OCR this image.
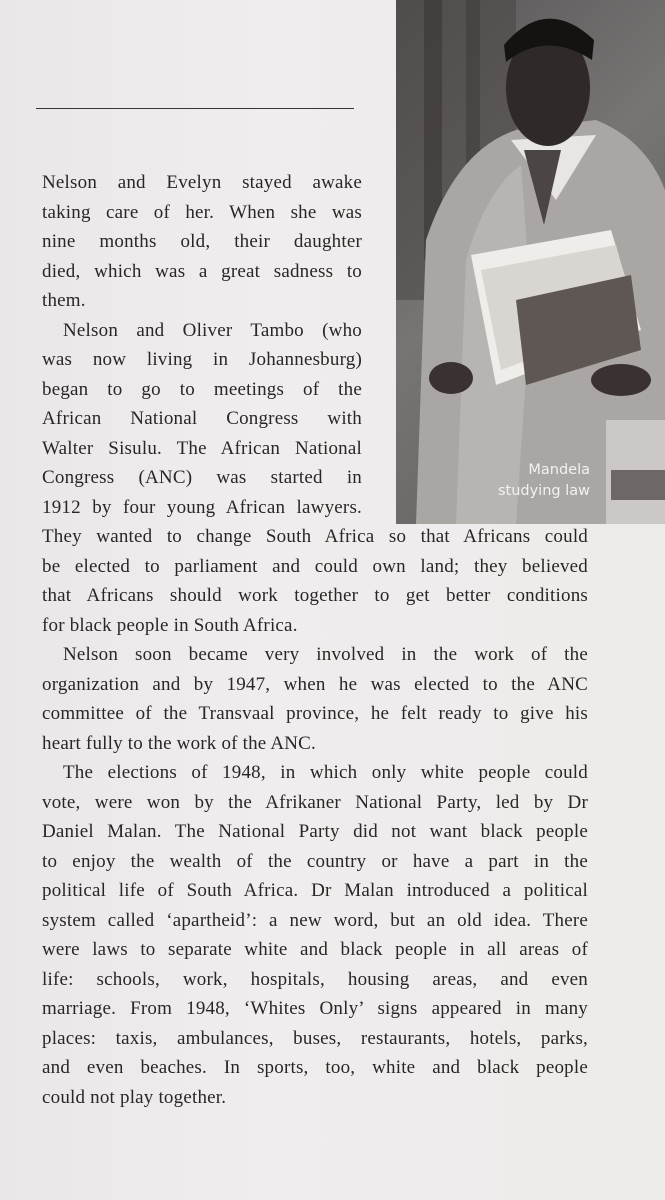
Mandela
studying law

Nelson and Evelyn stayed awake
taking care of her. When she was
nine months old, their daughter
died, which was a great sadness to
them.

Nelson and Oliver Tambo (who
was now living in Johannesburg)
began to go to meetings of the
African National Congress with
Walter Sisulu. The African National
Congress (ANC) was started in
1912 by four young African lawyers.
They wanted to change South Africa so that Africans could
be elected to parliament and could own land; they believed
that Africans should work together to get better conditions
for black people in South Africa.

Nelson soon became very involved in the work of the
organization and by 1947, when he was elected to the ANC
committee of the Transvaal province, he felt ready to give his
heart fully to the work of the ANC.

The elections of 1948, in which only white people could
vote, were won by the Afrikaner National Party, led by Dr
Daniel Malan. The National Party did not want black people
to enjoy the wealth of the country or have a part in the
political life of South Africa. Dr Malan introduced a political
system called ‘apartheid’: a new word, but an old idea. There
were laws to separate white and black people in all areas of
life: schools, work, hospitals, housing areas, and even
marriage. From 1948, ‘Whites Only’ signs appeared in many
places: taxis, ambulances, buses, restaurants, hotels, parks,
and even beaches. In sports, too, white and black people
could not play together.
